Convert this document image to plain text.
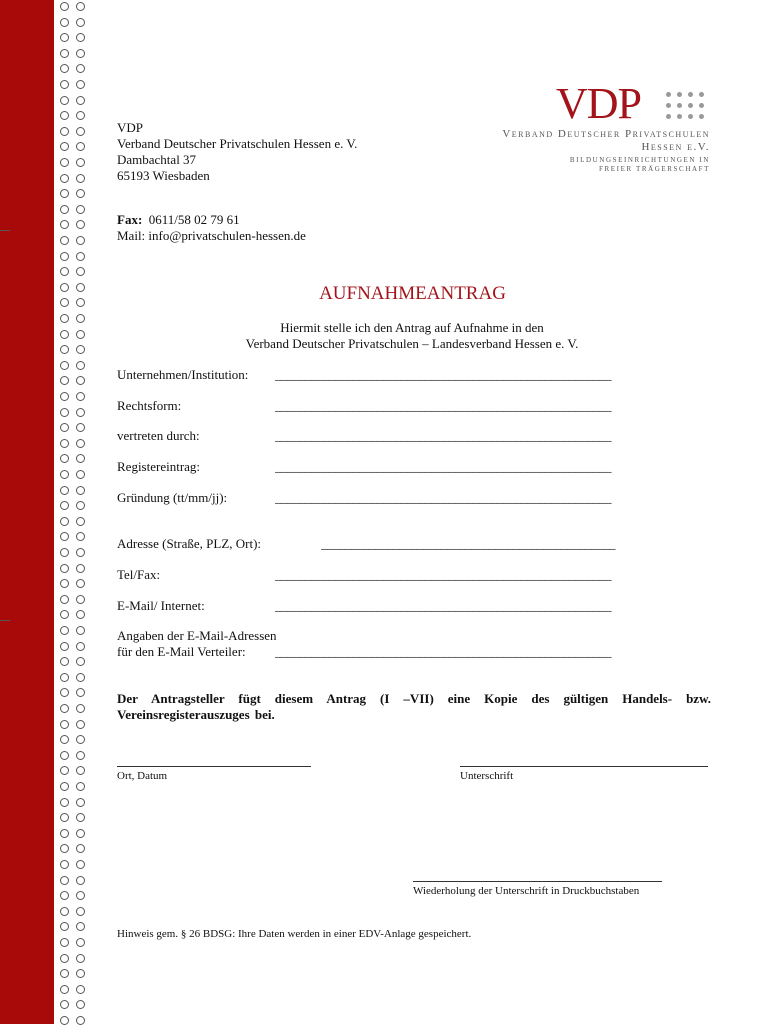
VDP
Verband Deutscher Privatschulen Hessen e. V.
Dambachtal 37
65193 Wiesbaden
VDP
Verband Deutscher Privatschulen
Hessen e.V.
BILDUNGSEINRICHTUNGEN IN
FREIER TRÄGERSCHAFT
Fax: 0611/58 02 79 61
Mail: info@privatschulen-hessen.de
AUFNAHMEANTRAG
Hiermit stelle ich den Antrag auf Aufnahme in den
Verband Deutscher Privatschulen – Landesverband Hessen e. V.
Unternehmen/Institution: ________________________________________________________
Rechtsform:	________________________________________________________
vertreten durch:	________________________________________________________
Registereintrag:	________________________________________________________
Gründung (tt/mm/jj):	________________________________________________________
Adresse (Straße, PLZ, Ort):	_________________________________________________
Tel/Fax:	________________________________________________________
E-Mail/ Internet:	________________________________________________________
Angaben der E-Mail-Adressen
für den E-Mail Verteiler: ________________________________________________________
Der Antragsteller fügt diesem Antrag (I –VII) eine Kopie des gültigen Handels- bzw. Vereinsregisterauszuges bei.
Ort, Datum	Unterschrift
Wiederholung der Unterschrift in Druckbuchstaben
Hinweis gem. § 26 BDSG: Ihre Daten werden in einer EDV-Anlage gespeichert.
